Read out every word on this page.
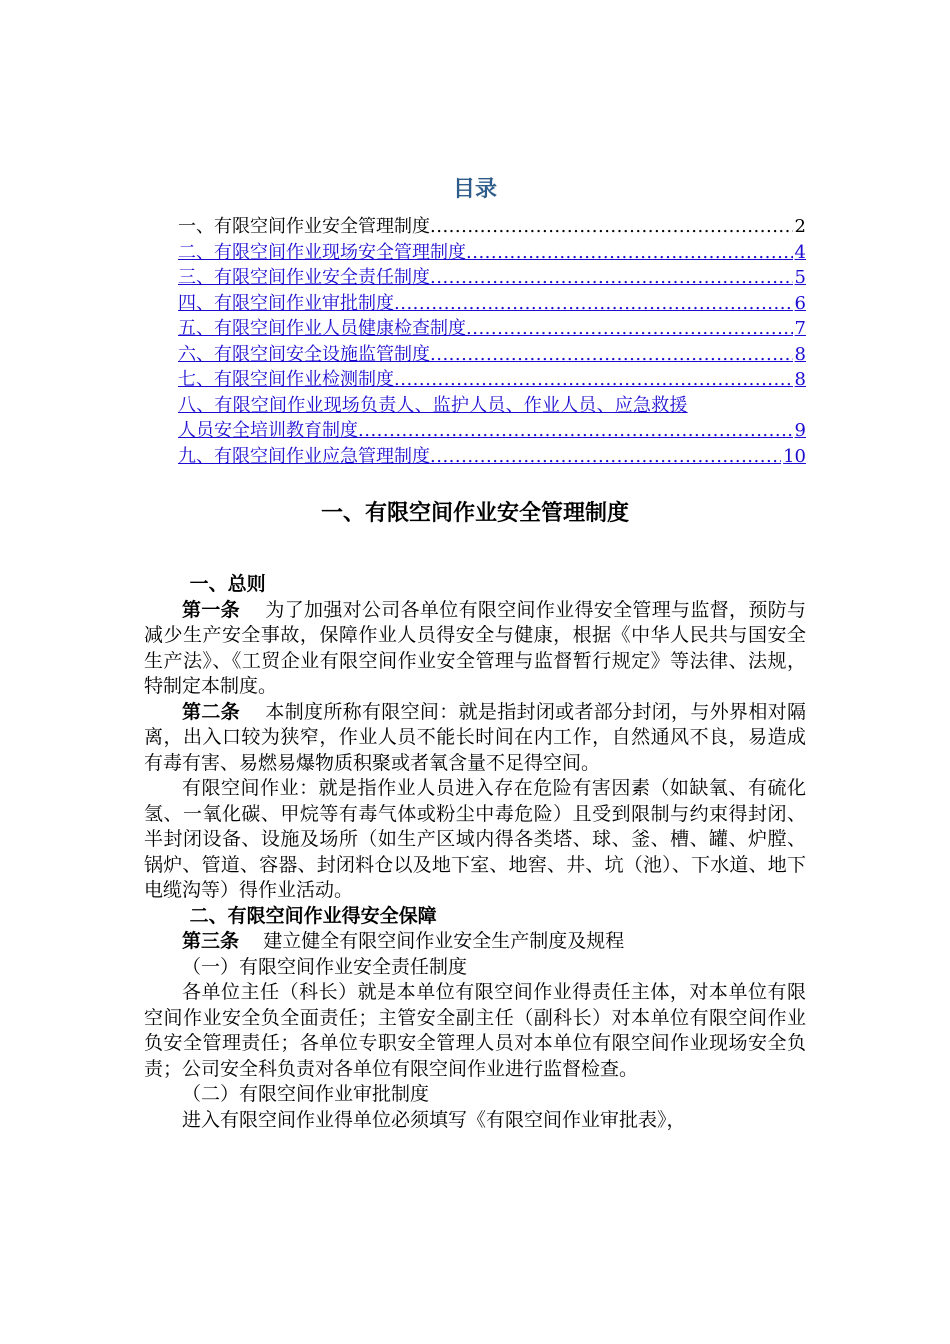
目录
一、有限空间作业安全管理制度 .....	2
二、有限空间作业现场安全管理制度 .....	4
三、有限空间作业安全责任制度 .....	5
四、有限空间作业审批制度 .....	6
五、有限空间作业人员健康检查制度 .....	7
六、有限空间安全设施监管制度 .....	8
七、有限空间作业检测制度 .....	8
八、有限空间作业现场负责人、监护人员、作业人员、应急救援
人员安全培训教育制度 .....	9
九、有限空间作业应急管理制度 .....	10
一、有限空间作业安全管理制度

一、总则

第一条 为了加强对公司各单位有限空间作业得安全管理与监督，预防与减少生产安全事故，保障作业人员得安全与健康，根据《中华人民共与国安全生产法》、《工贸企业有限空间作业安全管理与监督暂行规定》等法律、法规，特制定本制度。

第二条 本制度所称有限空间：就是指封闭或者部分封闭，与外界相对隔离，出入口较为狭窄，作业人员不能长时间在内工作，自然通风不良，易造成有毒有害、易燃易爆物质积聚或者氧含量不足得空间。

有限空间作业：就是指作业人员进入存在危险有害因素（如缺氧、有硫化氢、一氧化碳、甲烷等有毒气体或粉尘中毒危险）且受到限制与约束得封闭、半封闭设备、设施及场所（如生产区域内得各类塔、球、釜、槽、罐、炉膛、锅炉、管道、容器、封闭料仓以及地下室、地窖、井、坑（池）、下水道、地下电缆沟等）得作业活动。

二、有限空间作业得安全保障

第三条 建立健全有限空间作业安全生产制度及规程

（一）有限空间作业安全责任制度

各单位主任（科长）就是本单位有限空间作业得责任主体，对本单位有限空间作业安全负全面责任；主管安全副主任（副科长）对本单位有限空间作业负安全管理责任；各单位专职安全管理人员对本单位有限空间作业现场安全负责；公司安全科负责对各单位有限空间作业进行监督检查。

（二）有限空间作业审批制度

进入有限空间作业得单位必须填写《有限空间作业审批表》，
